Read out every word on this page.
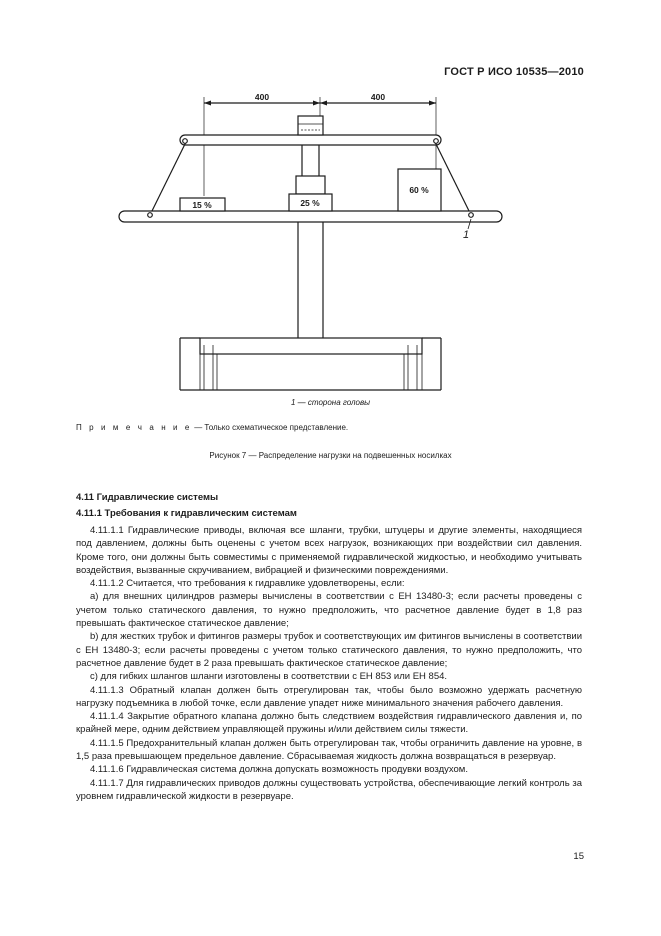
ГОСТ Р ИСО 10535—2010
400	400
15 %	25 %
60 %
1
1 — сторона головы
П р и м е ч а н и е — Только схематическое представление.
Рисунок 7 — Распределение нагрузки на подвешенных носилках
4.11 Гидравлические системы
4.11.1 Требования к гидравлическим системам

4.11.1.1 Гидравлические приводы, включая все шланги, трубки, штуцеры и другие элементы, находящиеся под давлением, должны быть оценены с учетом всех нагрузок, возникающих при воздействии сил давления. Кроме того, они должны быть совместимы с применяемой гидравлической жидкостью, и необходимо учитывать воздействия, вызванные скручиванием, вибрацией и физическими повреждениями.

4.11.1.2 Считается, что требования к гидравлике удовлетворены, если:

а) для внешних цилиндров размеры вычислены в соответствии с ЕН 13480-3; если расчеты проведены с учетом только статического давления, то нужно предположить, что расчетное давление будет в 1,8 раз превышать фактическое статическое давление;

b) для жестких трубок и фитингов размеры трубок и соответствующих им фитингов вычислены в соответствии с ЕН 13480-3; если расчеты проведены с учетом только статического давления, то нужно предположить, что расчетное давление будет в 2 раза превышать фактическое статическое давление;

с) для гибких шлангов шланги изготовлены в соответствии с ЕН 853 или ЕН 854.

4.11.1.3 Обратный клапан должен быть отрегулирован так, чтобы было возможно удержать расчетную нагрузку подъемника в любой точке, если давление упадет ниже минимального значения рабочего давления.

4.11.1.4 Закрытие обратного клапана должно быть следствием воздействия гидравлического давления и, по крайней мере, одним действием управляющей пружины и/или действием силы тяжести.

4.11.1.5 Предохранительный клапан должен быть отрегулирован так, чтобы ограничить давление на уровне, в 1,5 раза превышающем предельное давление. Сбрасываемая жидкость должна возвращаться в резервуар.

4.11.1.6 Гидравлическая система должна допускать возможность продувки воздухом.

4.11.1.7 Для гидравлических приводов должны существовать устройства, обеспечивающие легкий контроль за уровнем гидравлической жидкости в резервуаре.

15
